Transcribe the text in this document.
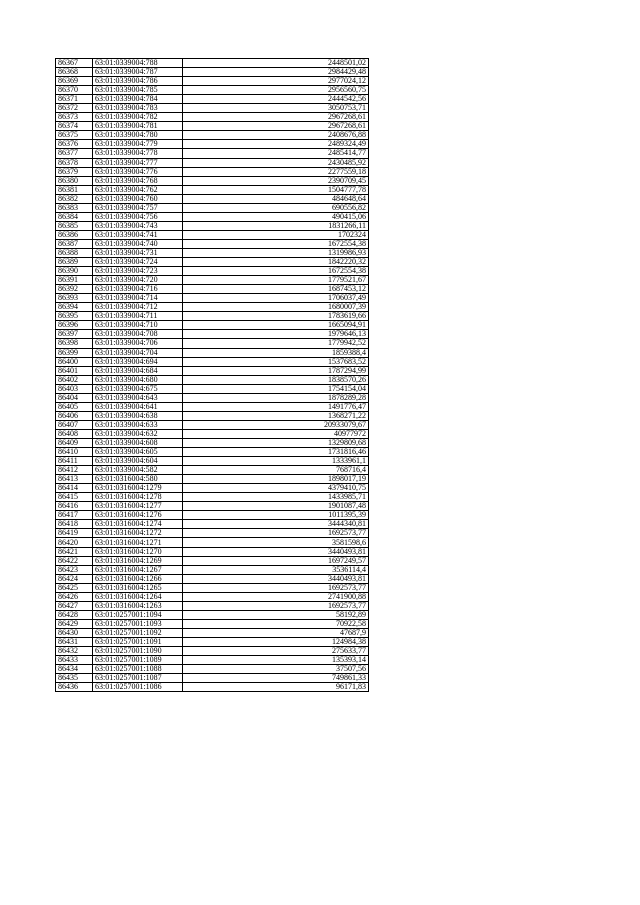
86367	63:01:0339004:788	2448501,02
86368	63:01:0339004:787	2984429,48
86369	63:01:0339004:786	2977024,12
86370	63:01:0339004:785	2956560,75
86371	63:01:0339004:784	2444542,56
86372	63:01:0339004:783	3050753,71
86373	63:01:0339004:782	2967268,61
86374	63:01:0339004:781	2967268,61
86375	63:01:0339004:780	2408676,88
86376	63:01:0339004:779	2489324,49
86377	63:01:0339004:778	2485414,77
86378	63:01:0339004:777	2430485,92
86379	63:01:0339004:776	2277559,18
86380	63:01:0339004:768	2390709,45
86381	63:01:0339004:762	1504777,78
86382	63:01:0339004:760	484648,64
86383	63:01:0339004:757	690556,82
86384	63:01:0339004:756	490415,06
86385	63:01:0339004:743	1831266,11
86386	63:01:0339004:741	1702324
86387	63:01:0339004:740	1672554,38
86388	63:01:0339004:731	1319986,93
86389	63:01:0339004:724	1842220,32
86390	63:01:0339004:723	1672554,38
86391	63:01:0339004:720	1779521,67
86392	63:01:0339004:716	1687453,12
86393	63:01:0339004:714	1706037,49
86394	63:01:0339004:712	1680007,39
86395	63:01:0339004:711	1783619,66
86396	63:01:0339004:710	1665094,91
86397	63:01:0339004:708	1979646,13
86398	63:01:0339004:706	1779942,52
86399	63:01:0339004:704	1859388,4
86400	63:01:0339004:694	1537683,52
86401	63:01:0339004:684	1787294,99
86402	63:01:0339004:680	1838570,26
86403	63:01:0339004:675	1754154,04
86404	63:01:0339004:643	1878289,28
86405	63:01:0339004:641	1491776,47
86406	63:01:0339004:638	1368271,22
86407	63:01:0339004:633	20933079,67
86408	63:01:0339004:632	40977972
86409	63:01:0339004:608	1329809,68
86410	63:01:0339004:605	1731816,46
86411	63:01:0339004:604	1333961,1
86412	63:01:0339004:582	768716,4
86413	63:01:0316004:580	1898017,19
86414	63:01:0316004:1279	4379410,75
86415	63:01:0316004:1278	1433985,71
86416	63:01:0316004:1277	1901087,48
86417	63:01:0316004:1276	1011395,39
86418	63:01:0316004:1274	3444340,81
86419	63:01:0316004:1272	1692573,77
86420	63:01:0316004:1271	3581598,6
86421	63:01:0316004:1270	3440493,81
86422	63:01:0316004:1269	1697249,57
86423	63:01:0316004:1267	3536114,4
86424	63:01:0316004:1266	3440493,81
86425	63:01:0316004:1265	1692573,77
86426	63:01:0316004:1264	2741900,88
86427	63:01:0316004:1263	1692573,77
86428	63:01:0257001:1094	58192,89
86429	63:01:0257001:1093	70922,58
86430	63:01:0257001:1092	47687,9
86431	63:01:0257001:1091	124984,38
86432	63:01:0257001:1090	275633,77
86433	63:01:0257001:1089	135393,14
86434	63:01:0257001:1088	37507,56
86435	63:01:0257001:1087	749861,33
86436	63:01:0257001:1086	96171,83
